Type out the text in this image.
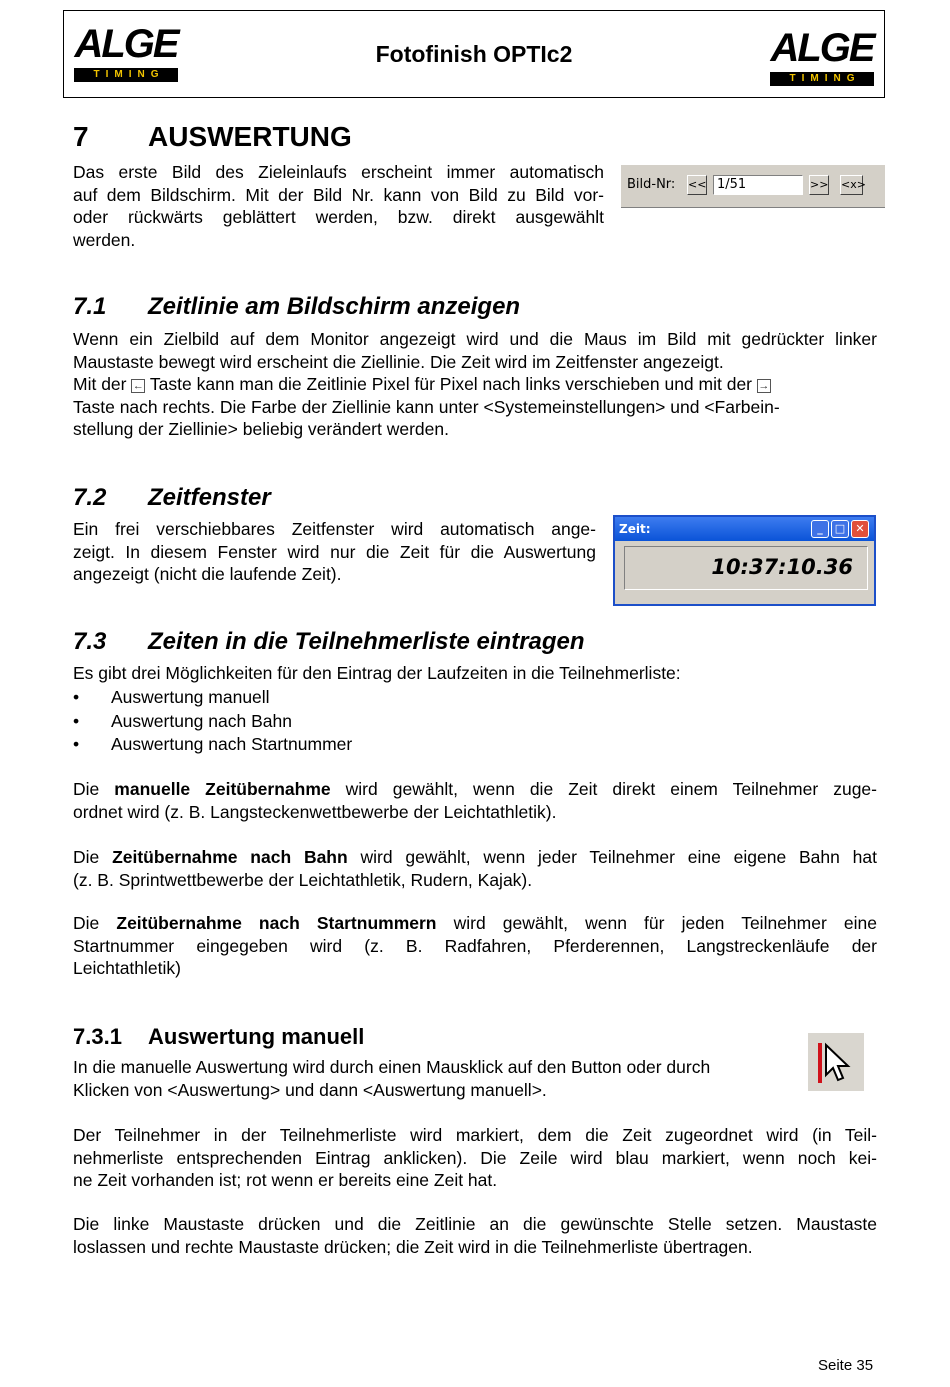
ALGE
TIMING
Fotofinish OPTIc2	ALGE
TIMING
7 AUSWERTUNG
Das erste Bild des Zieleinlaufs erscheint immer automatisch
auf dem Bildschirm. Mit der Bild Nr. kann von Bild zu Bild vor-
oder rückwärts geblättert werden, bzw. direkt ausgewählt
werden.
Bild-Nr: << 1/51	>> <x>
7.1 Zeitlinie am Bildschirm anzeigen
Wenn ein Zielbild auf dem Monitor angezeigt wird und die Maus im Bild mit gedrückter linker
Maustaste bewegt wird erscheint die Ziellinie. Die Zeit wird im Zeitfenster angezeigt.
Mit der ← Taste kann man die Zeitlinie Pixel für Pixel nach links verschieben und mit der →
Taste nach rechts. Die Farbe der Ziellinie kann unter <Systemeinstellungen> und <Farbein-
stellung der Ziellinie> beliebig verändert werden.
7.2 Zeitfenster
Ein frei verschiebbares Zeitfenster wird automatisch ange-
zeigt. In diesem Fenster wird nur die Zeit für die Auswertung
angezeigt (nicht die laufende Zeit).
Zeit:	_	□ ✕
10:37:10.36
7.3 Zeiten in die Teilnehmerliste eintragen
Es gibt drei Möglichkeiten für den Eintrag der Laufzeiten in die Teilnehmerliste:
• Auswertung manuell
• Auswertung nach Bahn
• Auswertung nach Startnummer
Die manuelle Zeitübernahme wird gewählt, wenn die Zeit direkt einem Teilnehmer zuge-
ordnet wird (z. B. Langsteckenwettbewerbe der Leichtathletik).
Die Zeitübernahme nach Bahn wird gewählt, wenn jeder Teilnehmer eine eigene Bahn hat
(z. B. Sprintwettbewerbe der Leichtathletik, Rudern, Kajak).
Die Zeitübernahme nach Startnummern wird gewählt, wenn für jeden Teilnehmer eine
Startnummer eingegeben wird (z. B. Radfahren, Pferderennen, Langstreckenläufe der
Leichtathletik)
7.3.1 Auswertung manuell
In die manuelle Auswertung wird durch einen Mausklick auf den Button oder durch
Klicken von <Auswertung> und dann <Auswertung manuell>.
Der Teilnehmer in der Teilnehmerliste wird markiert, dem die Zeit zugeordnet wird (in Teil-
nehmerliste entsprechenden Eintrag anklicken). Die Zeile wird blau markiert, wenn noch kei-
ne Zeit vorhanden ist; rot wenn er bereits eine Zeit hat.
Die linke Maustaste drücken und die Zeitlinie an die gewünschte Stelle setzen. Maustaste
loslassen und rechte Maustaste drücken; die Zeit wird in die Teilnehmerliste übertragen.
Seite 35
